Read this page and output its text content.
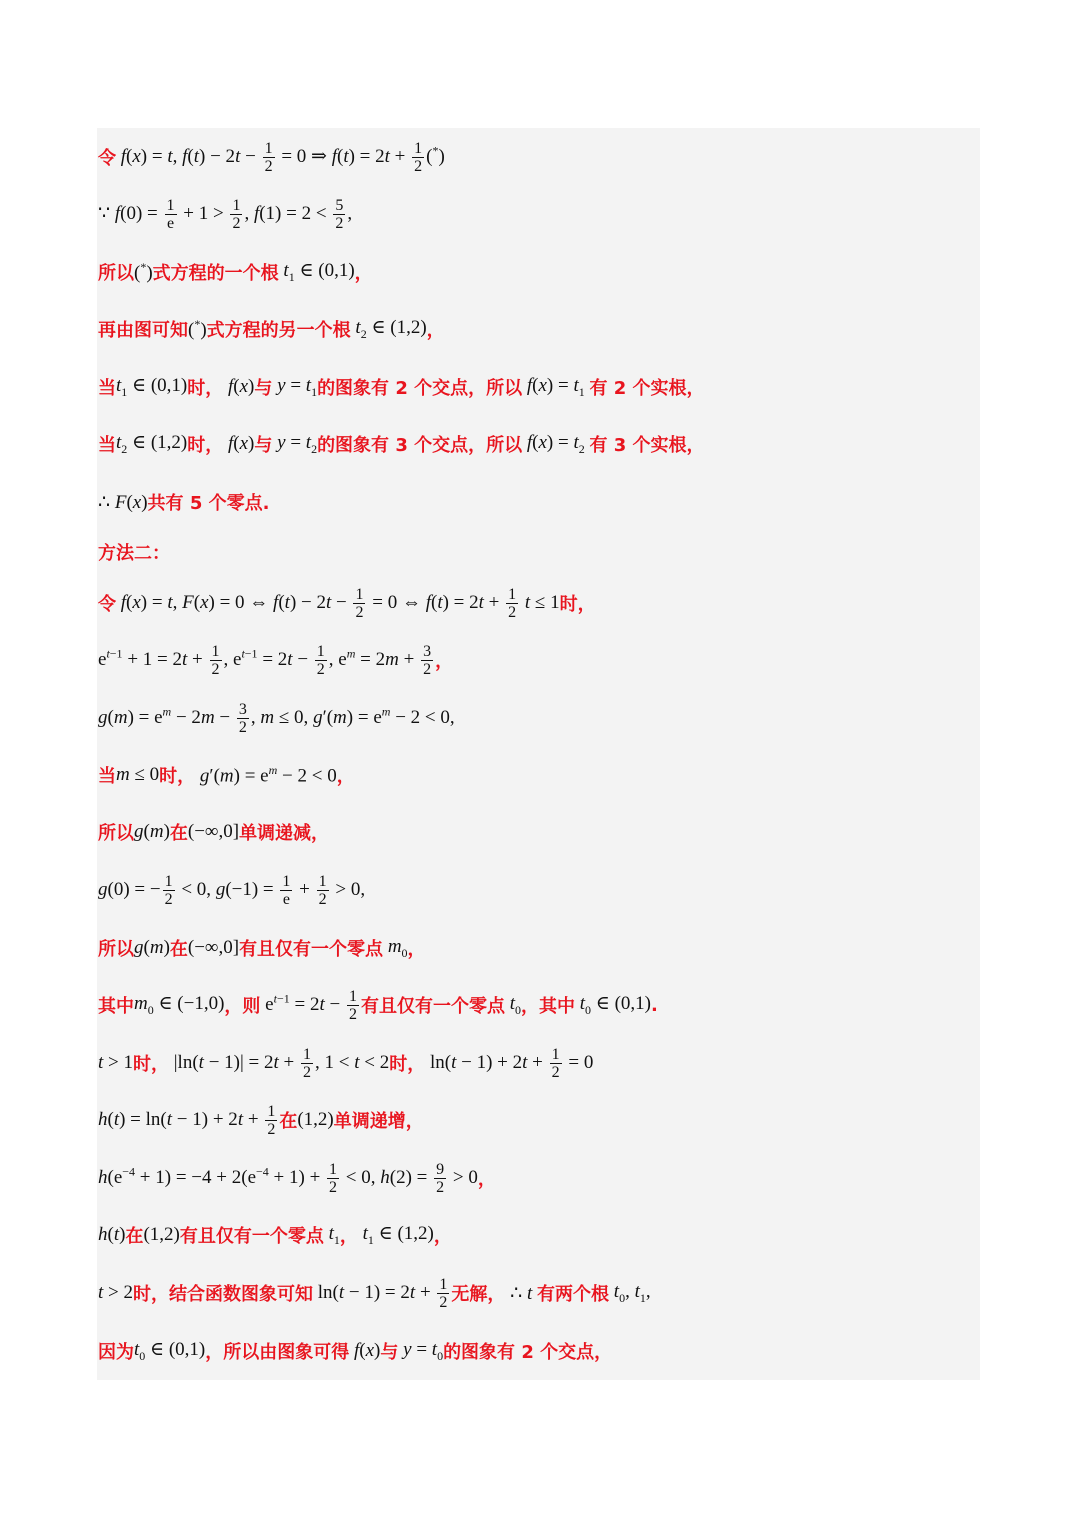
令 f(x) = t, $f(t) - 2t - \frac{1}{2} = 0$ ⇒ $f(t) = 2t + \frac{1}{2} (^*)$
∵ $f(0) = \frac{1}{e} + 1 > \frac{1}{2}$ , $f(1) = 2 < \frac{5}{2}$ ,
所以 (*) 式方程的一个根 $t_1$ ∈ (0,1) ，
再由图可知 (*) 式方程的另一个根 $t_2$ ∈ (1,2) ，
当 $t_1$ ∈ (0,1) 时， f(x) 与 $y = t_1$ 的图象有 2 个交点，所以 $f(x) = t_1$ 有 2 个实根，
当 $t_2$ ∈ (1,2) 时， f(x) 与 $y = t_2$ 的图象有 3 个交点，所以 $f(x) = t_2$ 有 3 个实根，
∴ F(x) 共有 5 个零点.
方法二：
令 f(x) = t, F(x) = 0 ⇔ $f(t) - 2t - \frac{1}{2} = 0$ ⇔ $f(t) = 2t + \frac{1}{2}$ t ≤ 1 时，
$e^{t-1} + 1 = 2t + \frac{1}{2}$ , $e^{t-1} = 2t - \frac{1}{2}$ , $e^m = 2m + \frac{3}{2}$ ，
$g(m) = e^m - 2m - \frac{3}{2}$ , m ≤ 0, $g'(m) = e^m - 2 < 0$,
当 m ≤ 0 时， $g'(m) = e^m - 2 < 0$ ，
所以 g(m) 在 (−∞,0] 单调递减，
g(0) = − $\frac{1}{2} < 0$, $g(-1) = \frac{1}{e} + \frac{1}{2} > 0$,
所以 g(m) 在 (−∞,0] 有且仅有一个零点 $m_0$ ，
其中 $m_0$ ∈ (−1,0) ，则 $e^{t-1} = 2t - \frac{1}{2}$ 有且仅有一个零点 $t_0$ ，其中 $t_0$ ∈ (0,1) .
t > 1 时， $|\ln(t - 1)| = 2t + \frac{1}{2}$ , 1 < t < 2 时， $\ln(t - 1) + 2t + \frac{1}{2} = 0$
$h(t) = \ln(t - 1) + 2t + \frac{1}{2}$ 在 (1,2) 单调递增，
$h(e^{-4} + 1) = -4 + 2(e^{-4} + 1) + \frac{1}{2} < 0$, $h(2) = \frac{9}{2} > 0$ ，
h(t) 在 (1,2) 有且仅有一个零点 $t_1$ ， $t_1$ ∈ (1,2) ，
t > 2 时，结合函数图象可知 $\ln(t - 1) = 2t + \frac{1}{2}$ 无解， ∴ t 有两个根 $t_0$, $t_1$,
因为 $t_0$ ∈ (0,1) ，所以由图象可得 f(x) 与 $y = t_0$ 的图象有 2 个交点，
